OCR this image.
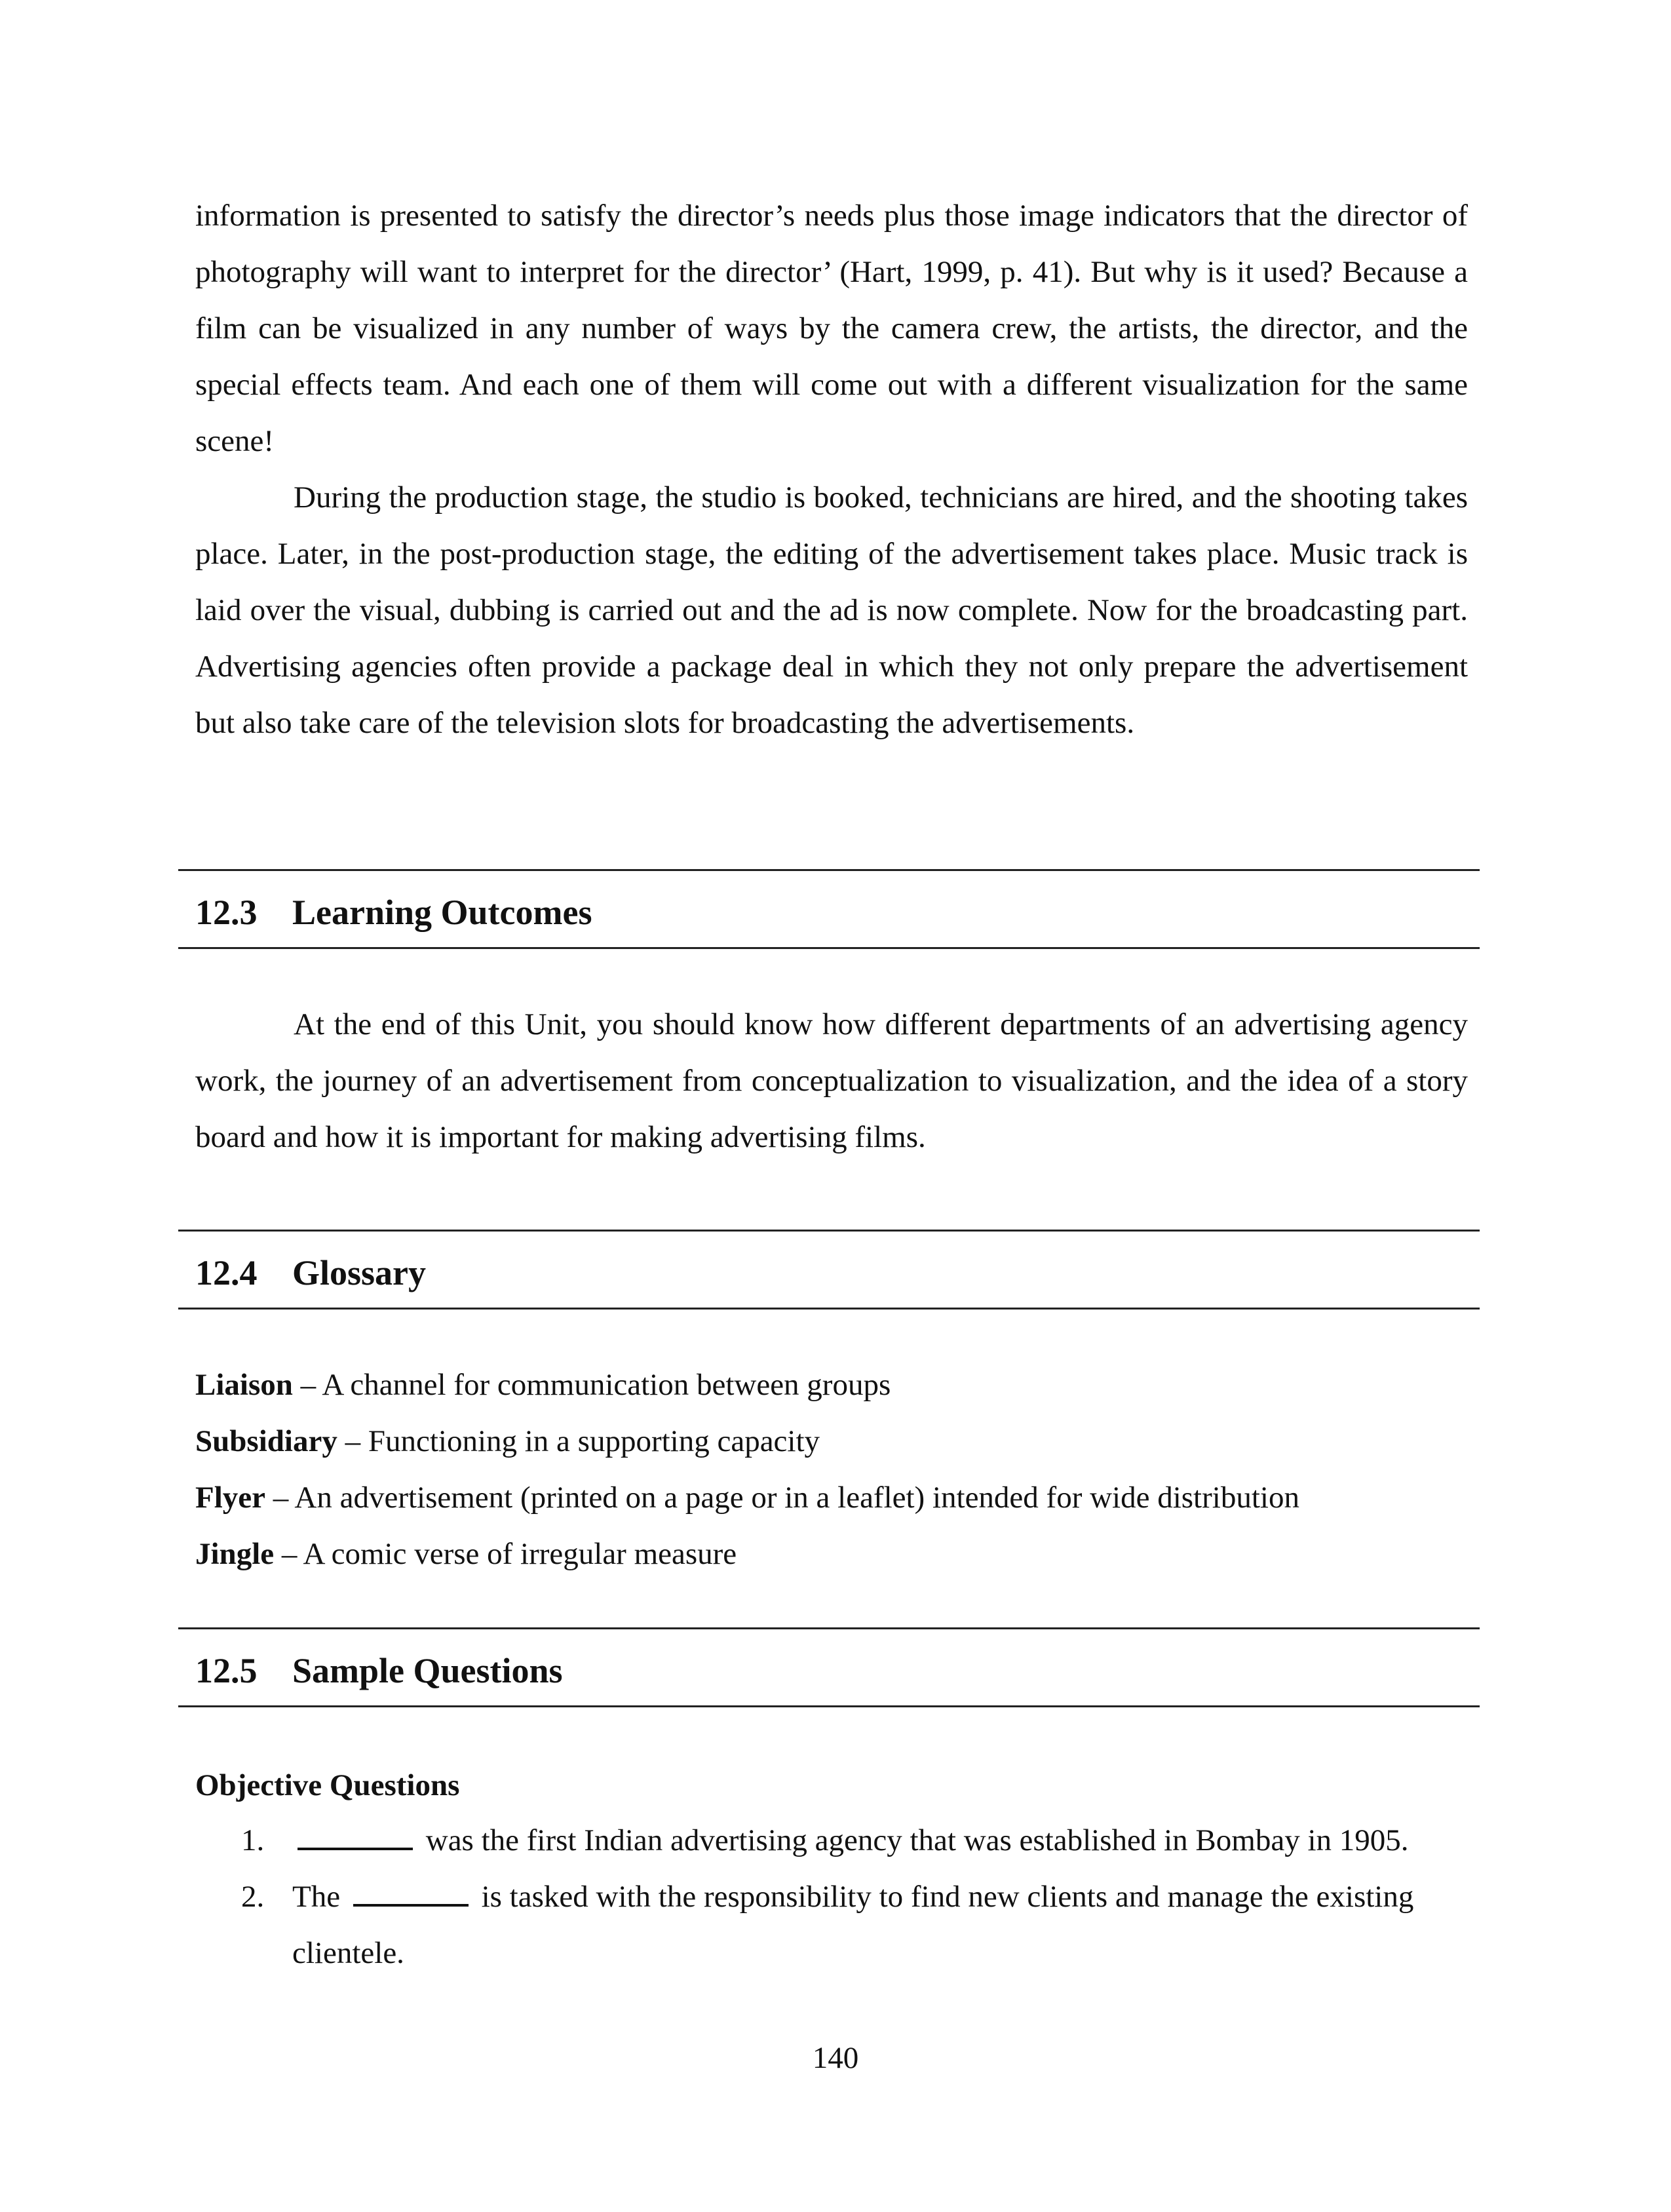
information is presented to satisfy the director’s needs plus those image indicators that the director of photography will want to interpret for the director’ (Hart, 1999, p. 41). But why is it used? Because a film can be visualized in any number of ways by the camera crew, the artists, the director, and the special effects team. And each one of them will come out with a different visualization for the same scene!

During the production stage, the studio is booked, technicians are hired, and the shooting takes place. Later, in the post-production stage, the editing of the advertisement takes place. Music track is laid over the visual, dubbing is carried out and the ad is now complete. Now for the broadcasting part. Advertising agencies often provide a package deal in which they not only prepare the advertisement but also take care of the television slots for broadcasting the advertisements.

12.3 Learning Outcomes

At the end of this Unit, you should know how different departments of an advertising agency work, the journey of an advertisement from conceptualization to visualization, and the idea of a story board and how it is important for making advertising films.

12.4 Glossary
Liaison – A channel for communication between groups
Subsidiary – Functioning in a supporting capacity
Flyer – An advertisement (printed on a page or in a leaflet) intended for wide distribution
Jingle – A comic verse of irregular measure
12.5 Sample Questions
Objective Questions
1.	was the first Indian advertising agency that was established in Bombay in 1905.
2. The	is tasked with the responsibility to find new clients and manage the existing clientele.
140
